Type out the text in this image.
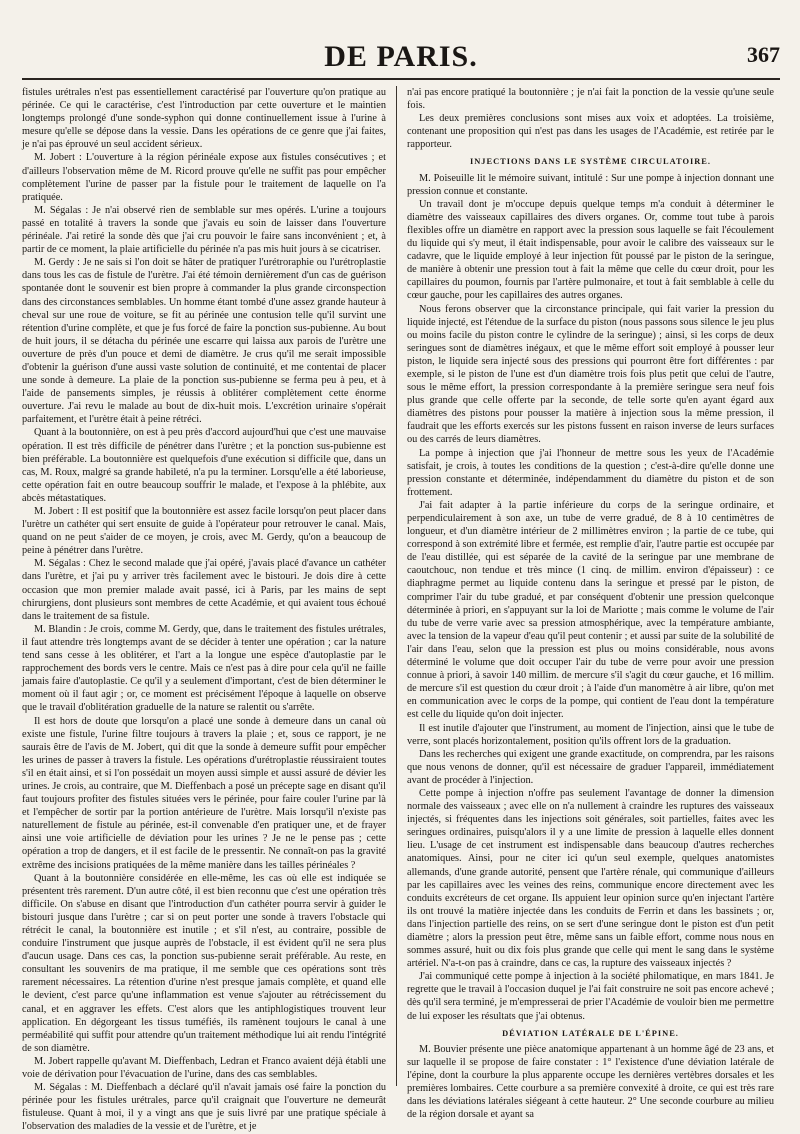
DE PARIS.	367

fistules urétrales n'est pas essentiellement caractérisé par l'ouverture qu'on pratique au périnée. Ce qui le caractérise, c'est l'introduction par cette ouverture et le maintien longtemps prolongé d'une sonde-syphon qui donne continuellement issue à l'urine à mesure qu'elle se dépose dans la vessie. Dans les opérations de ce genre que j'ai faites, je n'ai pas éprouvé un seul accident sérieux.

M. Jobert : L'ouverture à la région périnéale expose aux fistules consécutives ; et d'ailleurs l'observation même de M. Ricord prouve qu'elle ne suffit pas pour empêcher complètement l'urine de passer par la fistule pour le traitement de laquelle on l'a pratiquée.

M. Ségalas : Je n'ai observé rien de semblable sur mes opérés. L'urine a toujours passé en totalité à travers la sonde que j'avais eu soin de laisser dans l'ouverture périnéale. J'ai retiré la sonde dès que j'ai cru pouvoir le faire sans inconvénient ; et, à partir de ce moment, la plaie artificielle du périnée n'a pas mis huit jours à se cicatriser.

M. Gerdy : Je ne sais si l'on doit se hâter de pratiquer l'urétroraphie ou l'urétroplastie dans tous les cas de fistule de l'urètre. J'ai été témoin dernièrement d'un cas de guérison spontanée dont le souvenir est bien propre à commander la plus grande circonspection dans des circonstances semblables. Un homme étant tombé d'une assez grande hauteur à cheval sur une roue de voiture, se fit au périnée une contusion telle qu'il survint une rétention d'urine complète, et que je fus forcé de faire la ponction sus-pubienne. Au bout de huit jours, il se détacha du périnée une escarre qui laissa aux parois de l'urètre une ouverture de près d'un pouce et demi de diamètre. Je crus qu'il me serait impossible d'obtenir la guérison d'une aussi vaste solution de continuité, et me contentai de placer une sonde à demeure. La plaie de la ponction sus-pubienne se ferma peu à peu, et à l'aide de pansements simples, je réussis à oblitérer complètement cette énorme ouverture. J'ai revu le malade au bout de dix-huit mois. L'excrétion urinaire s'opérait parfaitement, et l'urètre était à peine rétréci.

Quant à la boutonnière, on est à peu près d'accord aujourd'hui que c'est une mauvaise opération. Il est très difficile de pénétrer dans l'urètre ; et la ponction sus-pubienne est bien préférable. La boutonnière est quelquefois d'une exécution si difficile que, dans un cas, M. Roux, malgré sa grande habileté, n'a pu la terminer. Lorsqu'elle a été laborieuse, cette opération fait en outre beaucoup souffrir le malade, et l'expose à la phlébite, aux abcès métastatiques.

M. Jobert : Il est positif que la boutonnière est assez facile lorsqu'on peut placer dans l'urètre un cathéter qui sert ensuite de guide à l'opérateur pour retrouver le canal. Mais, quand on ne peut s'aider de ce moyen, je crois, avec M. Gerdy, qu'on a beaucoup de peine à pénétrer dans l'urètre.

M. Ségalas : Chez le second malade que j'ai opéré, j'avais placé d'avance un cathéter dans l'urètre, et j'ai pu y arriver très facilement avec le bistouri. Je dois dire à cette occasion que mon premier malade avait passé, ici à Paris, par les mains de sept chirurgiens, dont plusieurs sont membres de cette Académie, et qui avaient tous échoué dans le traitement de sa fistule.

M. Blandin : Je crois, comme M. Gerdy, que, dans le traitement des fistules urétrales, il faut attendre très longtemps avant de se décider à tenter une opération ; car la nature tend sans cesse à les oblitérer, et l'art a la longue une espèce d'autoplastie par le rapprochement des bords vers le centre. Mais ce n'est pas à dire pour cela qu'il ne faille jamais faire d'autoplastie. Ce qu'il y a seulement d'important, c'est de bien déterminer le moment où il faut agir ; or, ce moment est précisément l'époque à laquelle on observe que le travail d'oblitération graduelle de la nature se ralentit ou s'arrête.

Il est hors de doute que lorsqu'on a placé une sonde à demeure dans un canal où existe une fistule, l'urine filtre toujours à travers la plaie ; et, sous ce rapport, je ne saurais être de l'avis de M. Jobert, qui dit que la sonde à demeure suffit pour empêcher les urines de passer à travers la fistule. Les opérations d'urétroplastie réussiraient toutes s'il en était ainsi, et si l'on possédait un moyen aussi simple et aussi assuré de dévier les urines. Je crois, au contraire, que M. Dieffenbach a posé un précepte sage en disant qu'il faut toujours profiter des fistules situées vers le périnée, pour faire couler l'urine par là et l'empêcher de sortir par la portion antérieure de l'urètre. Mais lorsqu'il n'existe pas naturellement de fistule au périnée, est-il convenable d'en pratiquer une, et de frayer ainsi une voie artificielle de déviation pour les urines ? Je ne le pense pas ; cette opération a trop de dangers, et il est facile de le pressentir. Ne connaît-on pas la gravité extrême des incisions pratiquées de la même manière dans les tailles périnéales ?

Quant à la boutonnière considérée en elle-même, les cas où elle est indiquée se présentent très rarement. D'un autre côté, il est bien reconnu que c'est une opération très difficile. On s'abuse en disant que l'introduction d'un cathéter pourra servir à guider le bistouri jusque dans l'urètre ; car si on peut porter une sonde à travers l'obstacle qui rétrécit le canal, la boutonnière est inutile ; et s'il n'est, au contraire, possible de conduire l'instrument que jusque auprès de l'obstacle, il est évident qu'il ne sera plus d'aucun usage. Dans ces cas, la ponction sus-pubienne serait préférable. Au reste, en consultant les souvenirs de ma pratique, il me semble que ces opérations sont très rarement nécessaires. La rétention d'urine n'est presque jamais complète, et quand elle le devient, c'est parce qu'une inflammation est venue s'ajouter au rétrécissement du canal, et en aggraver les effets. C'est alors que les antiphlogistiques trouvent leur application. En dégorgeant les tissus tuméfiés, ils ramènent toujours le canal à une perméabilité qui suffit pour attendre qu'un traitement méthodique lui ait rendu l'intégrité de son diamètre.

M. Jobert rappelle qu'avant M. Dieffenbach, Ledran et Franco avaient déjà établi une voie de dérivation pour l'évacuation de l'urine, dans des cas semblables.

M. Ségalas : M. Dieffenbach a déclaré qu'il n'avait jamais osé faire la ponction du périnée pour les fistules urétrales, parce qu'il craignait que l'ouverture ne demeurât fistuleuse. Quant à moi, il y a vingt ans que je suis livré par une pratique spéciale à l'observation des maladies de la vessie et de l'urètre, et je

n'ai pas encore pratiqué la boutonnière ; je n'ai fait la ponction de la vessie qu'une seule fois.

Les deux premières conclusions sont mises aux voix et adoptées. La troisième, contenant une proposition qui n'est pas dans les usages de l'Académie, est retirée par le rapporteur.

INJECTIONS DANS LE SYSTÈME CIRCULATOIRE.

M. Poiseuille lit le mémoire suivant, intitulé : Sur une pompe à injection donnant une pression connue et constante.

Un travail dont je m'occupe depuis quelque temps m'a conduit à déterminer le diamètre des vaisseaux capillaires des divers organes. Or, comme tout tube à parois flexibles offre un diamètre en rapport avec la pression sous laquelle se fait l'écoulement du liquide qui s'y meut, il était indispensable, pour avoir le calibre des vaisseaux sur le cadavre, que le liquide employé à leur injection fût poussé par le piston de la seringue, de manière à obtenir une pression tout à fait la même que celle du cœur droit, pour les capillaires du poumon, fournis par l'artère pulmonaire, et tout à fait semblable à celle du cœur gauche, pour les capillaires des autres organes.

Nous ferons observer que la circonstance principale, qui fait varier la pression du liquide injecté, est l'étendue de la surface du piston (nous passons sous silence le jeu plus ou moins facile du piston contre le cylindre de la seringue) ; ainsi, si les corps de deux seringues sont de diamètres inégaux, et que le même effort soit employé à pousser leur piston, le liquide sera injecté sous des pressions qui pourront être fort différentes : par exemple, si le piston de l'une est d'un diamètre trois fois plus petit que celui de l'autre, sous le même effort, la pression correspondante à la première seringue sera neuf fois plus grande que celle offerte par la seconde, de telle sorte qu'en ayant égard aux diamètres des pistons pour pousser la matière à injection sous la même pression, il faudrait que les efforts exercés sur les pistons fussent en raison inverse de leurs surfaces ou des carrés de leurs diamètres.

La pompe à injection que j'ai l'honneur de mettre sous les yeux de l'Académie satisfait, je crois, à toutes les conditions de la question ; c'est-à-dire qu'elle donne une pression constante et déterminée, indépendamment du diamètre du piston et de son frottement.

J'ai fait adapter à la partie inférieure du corps de la seringue ordinaire, et perpendiculairement à son axe, un tube de verre gradué, de 8 à 10 centimètres de longueur, et d'un diamètre intérieur de 2 millimètres environ ; la partie de ce tube, qui correspond à son extrémité libre et fermée, est remplie d'air, l'autre partie est occupée par de l'eau distillée, qui est séparée de la cavité de la seringue par une membrane de caoutchouc, non tendue et très mince (1 cinq. de millim. environ d'épaisseur) : ce diaphragme permet au liquide contenu dans la seringue et pressé par le piston, de comprimer l'air du tube gradué, et par conséquent d'obtenir une pression quelconque déterminée à priori, en s'appuyant sur la loi de Mariotte ; mais comme le volume de l'air du tube de verre varie avec sa pression atmosphérique, avec la température ambiante, avec la tension de la vapeur d'eau qu'il peut contenir ; et aussi par suite de la solubilité de l'air dans l'eau, selon que la pression est plus ou moins considérable, nous avons déterminé le volume que doit occuper l'air du tube de verre pour avoir une pression connue à priori, à savoir 140 millim. de mercure s'il s'agit du cœur gauche, et 16 millim. de mercure s'il est question du cœur droit ; à l'aide d'un manomètre à air libre, qu'on met en communication avec le corps de la pompe, qui contient de l'eau dont la température est celle du liquide qu'on doit injecter.

Il est inutile d'ajouter que l'instrument, au moment de l'injection, ainsi que le tube de verre, sont placés horizontalement, position qu'ils offrent lors de la graduation.

Dans les recherches qui exigent une grande exactitude, on comprendra, par les raisons que nous venons de donner, qu'il est nécessaire de graduer l'appareil, immédiatement avant de procéder à l'injection.

Cette pompe à injection n'offre pas seulement l'avantage de donner la dimension normale des vaisseaux ; avec elle on n'a nullement à craindre les ruptures des vaisseaux injectés, si fréquentes dans les injections soit générales, soit partielles, faites avec les seringues ordinaires, puisqu'alors il y a une limite de pression à laquelle elles donnent lieu. L'usage de cet instrument est indispensable dans beaucoup d'autres recherches anatomiques. Ainsi, pour ne citer ici qu'un seul exemple, quelques anatomistes allemands, d'une grande autorité, pensent que l'artère rénale, qui communique d'ailleurs par les capillaires avec les veines des reins, communique encore directement avec les conduits excréteurs de cet organe. Ils appuient leur opinion surce qu'en injectant l'artère ils ont trouvé la matière injectée dans les conduits de Ferrin et dans les bassinets ; or, dans l'injection partielle des reins, on se sert d'une seringue dont le piston est d'un petit diamètre ; alors la pression peut être, même sans un faible effort, comme nous nous en sommes assuré, huit ou dix fois plus grande que celle qui ment le sang dans le système artériel. N'a-t-on pas à craindre, dans ce cas, la rupture des vaisseaux injectés ?

J'ai communiqué cette pompe à injection à la société philomatique, en mars 1841. Je regrette que le travail à l'occasion duquel je l'ai fait construire ne soit pas encore achevé ; dès qu'il sera terminé, je m'empresserai de prier l'Académie de vouloir bien me permettre de lui exposer les résultats que j'ai obtenus.

DÉVIATION LATÉRALE DE L'ÉPINE.

M. Bouvier présente une pièce anatomique appartenant à un homme âgé de 23 ans, et sur laquelle il se propose de faire constater : 1° l'existence d'une déviation latérale de l'épine, dont la courbure la plus apparente occupe les dernières vertèbres dorsales et les premières lombaires. Cette courbure a sa première convexité à droite, ce qui est très rare dans les déviations latérales siégeant à cette hauteur. 2° Une seconde courbure au milieu de la région dorsale et ayant sa
